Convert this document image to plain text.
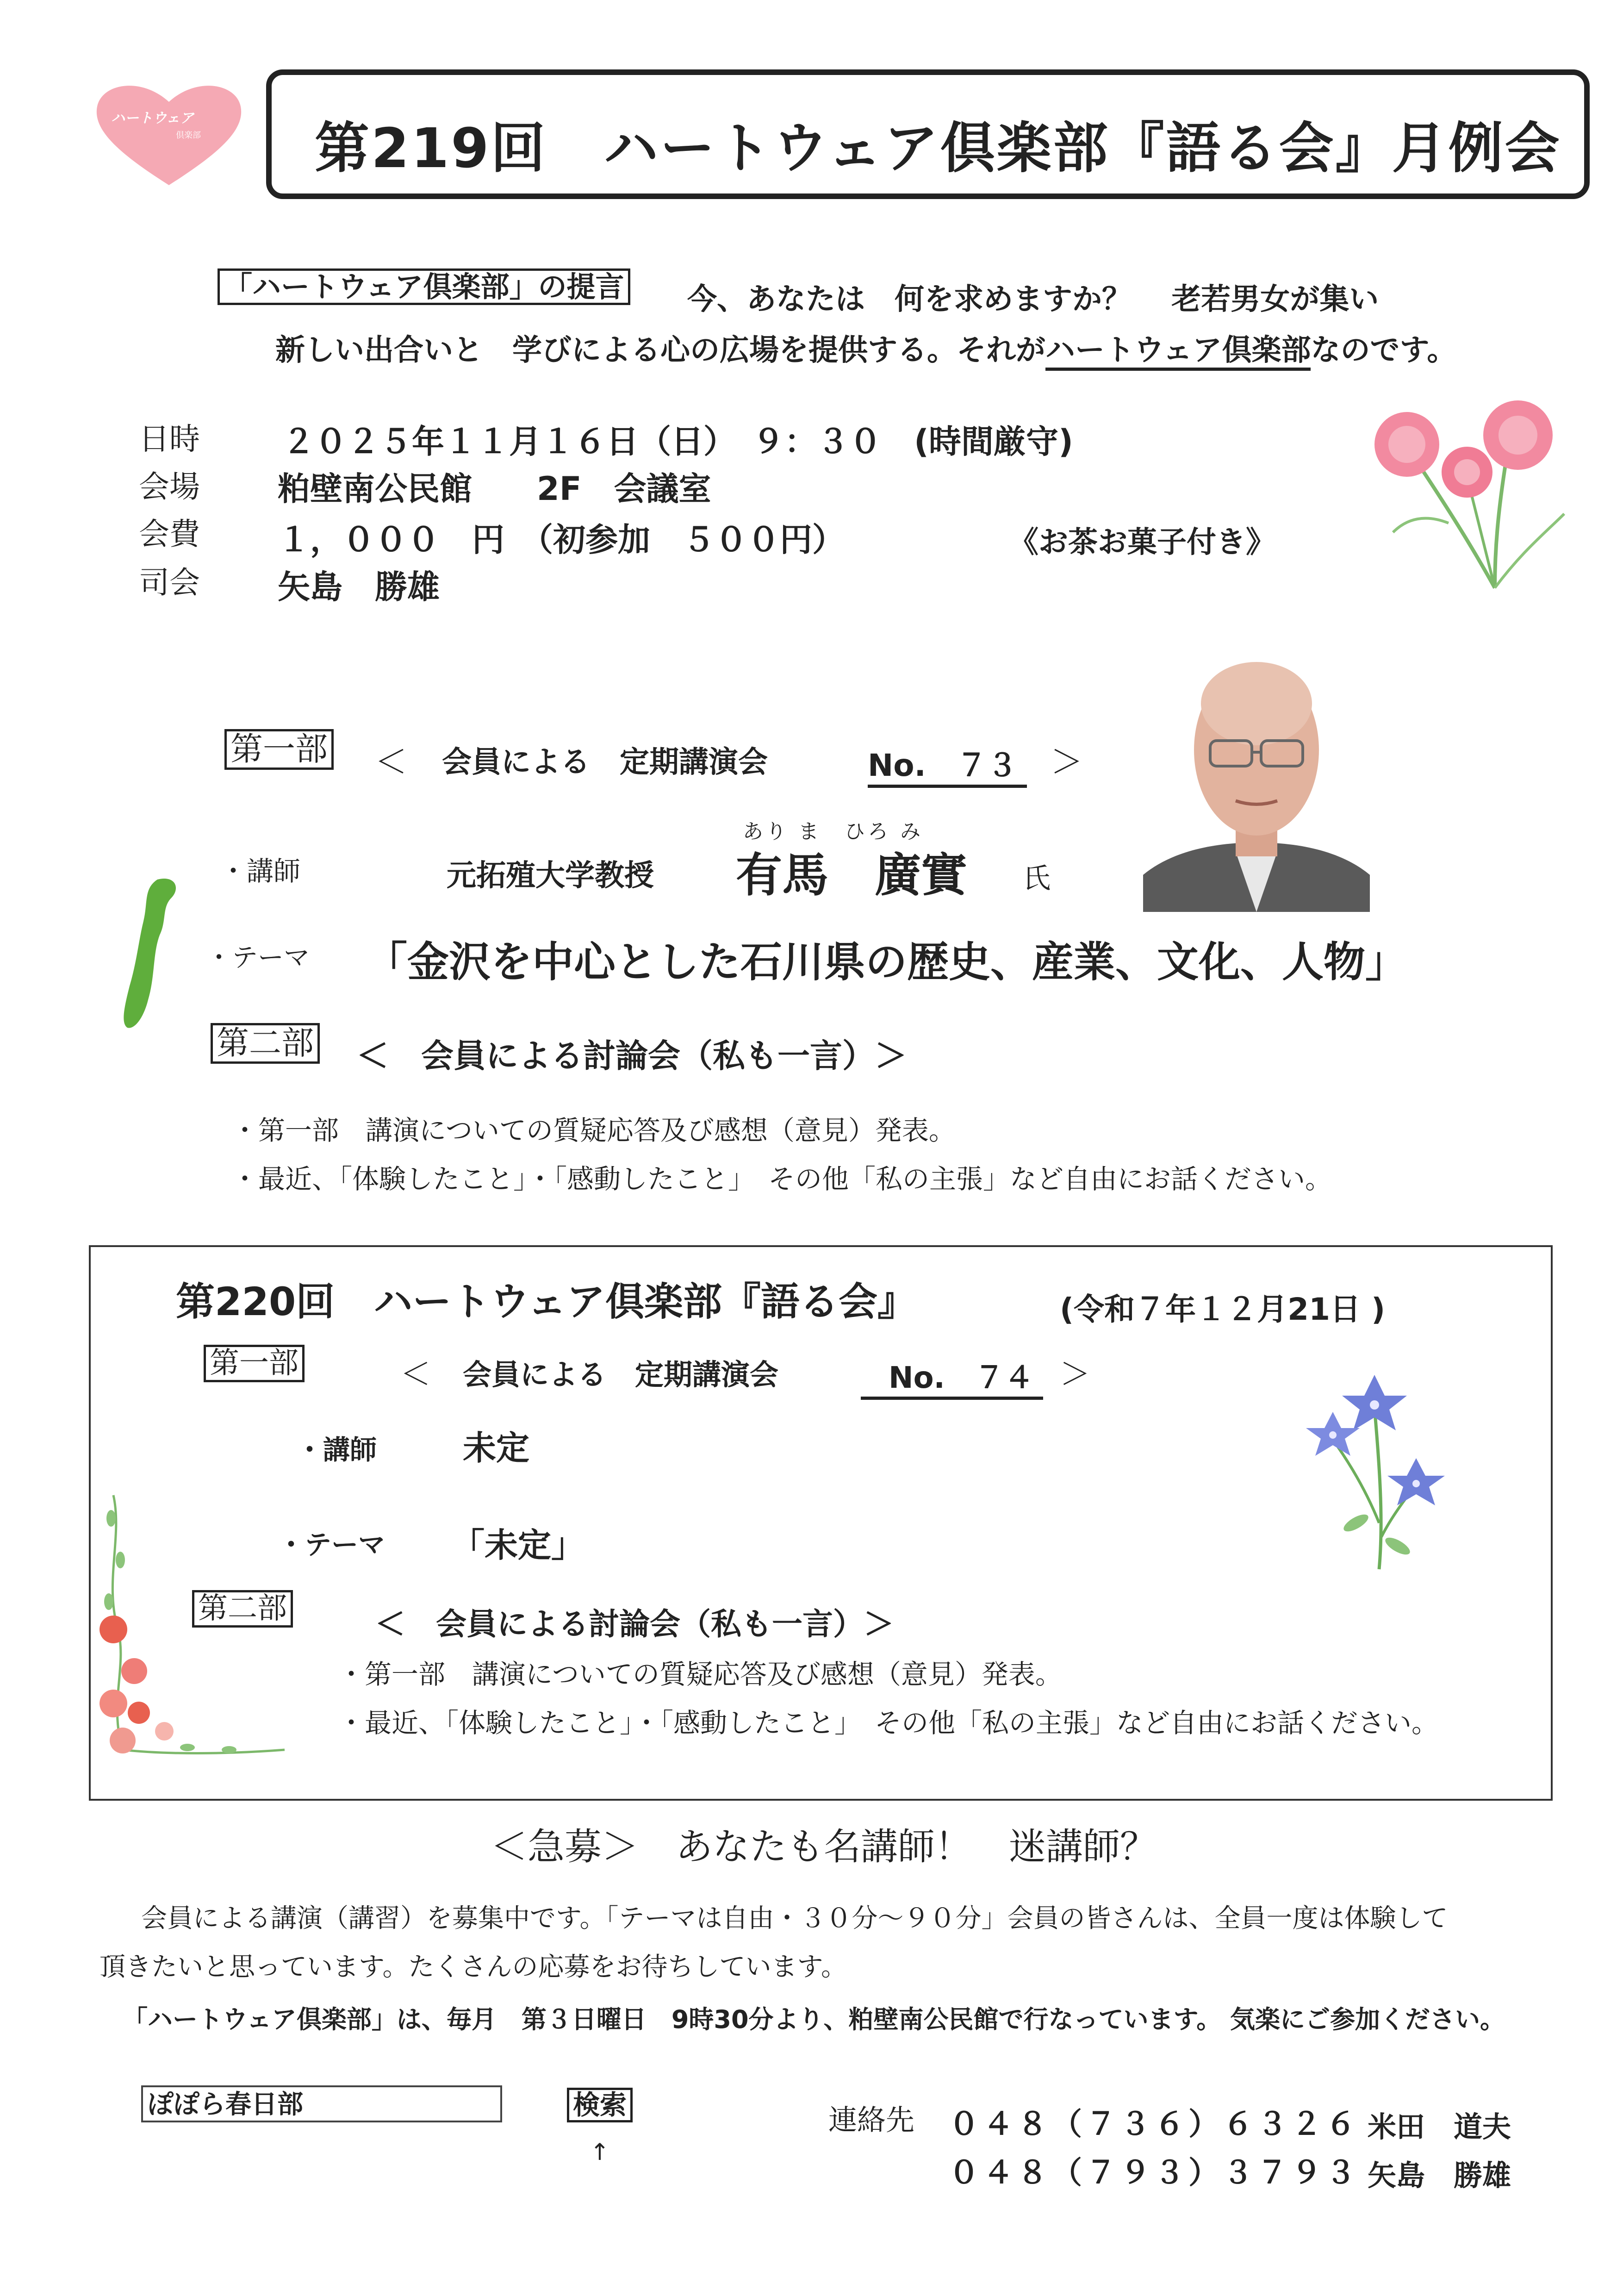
ハートウェア
倶楽部 第219回　ハートウェア倶楽部『語る会』月例会
「ハートウェア倶楽部」の提言 今、あなたは　何を求めますか？　 老若男女が集い
新しい出合いと　学びによる心の広場を提供する。それがハートウェア倶楽部なのです。
日時	２０２５年１１月１６日（日）　９：３０　(時間厳守)
会場 粕壁南公民館　　2F　会議室
会費 １，０００　円　（初参加　５００円）	《お茶お菓子付き》
司会 矢島　勝雄
第一部 ＜ 会員による　定期講演会	No.　７３ ＞
・講師	元拓殖大学教授
あり ま　ひろ み
有馬　廣實 氏
・テーマ 「金沢を中心とした石川県の歴史、産業、文化、人物」
第二部 ＜　会員による討論会（私も一言）＞
・第一部　講演についての質疑応答及び感想（意見）発表。
・最近、「体験したこと」・「感動したこと」　その他「私の主張」など自由にお話ください。
第220回　ハートウェア倶楽部『語る会』	(令和７年１２月21日 )
第一部	＜ 会員による　定期講演会	No.　７４ ＞
・講師	未定
・テーマ 「未定」
第二部	＜　会員による討論会（私も一言）＞
・第一部　講演についての質疑応答及び感想（意見）発表。
・最近、「体験したこと」・「感動したこと」　その他「私の主張」など自由にお話ください。
＜急募＞　あなたも名講師！　迷講師？
会員による講演（講習）を募集中です。「テーマは自由・３０分～９０分」会員の皆さんは、全員一度は体験して
頂きたいと思っています。たくさんの応募をお待ちしています。
「ハートウェア倶楽部」は、毎月　第３日曜日　9時30分より、粕壁南公民館で行なっています。 気楽にご参加ください。
ぽぽら春日部	検索
↑
連絡先 ０４８（７３６）６３２６ 米田　道夫
０４８（７９３）３７９３ 矢島　勝雄
